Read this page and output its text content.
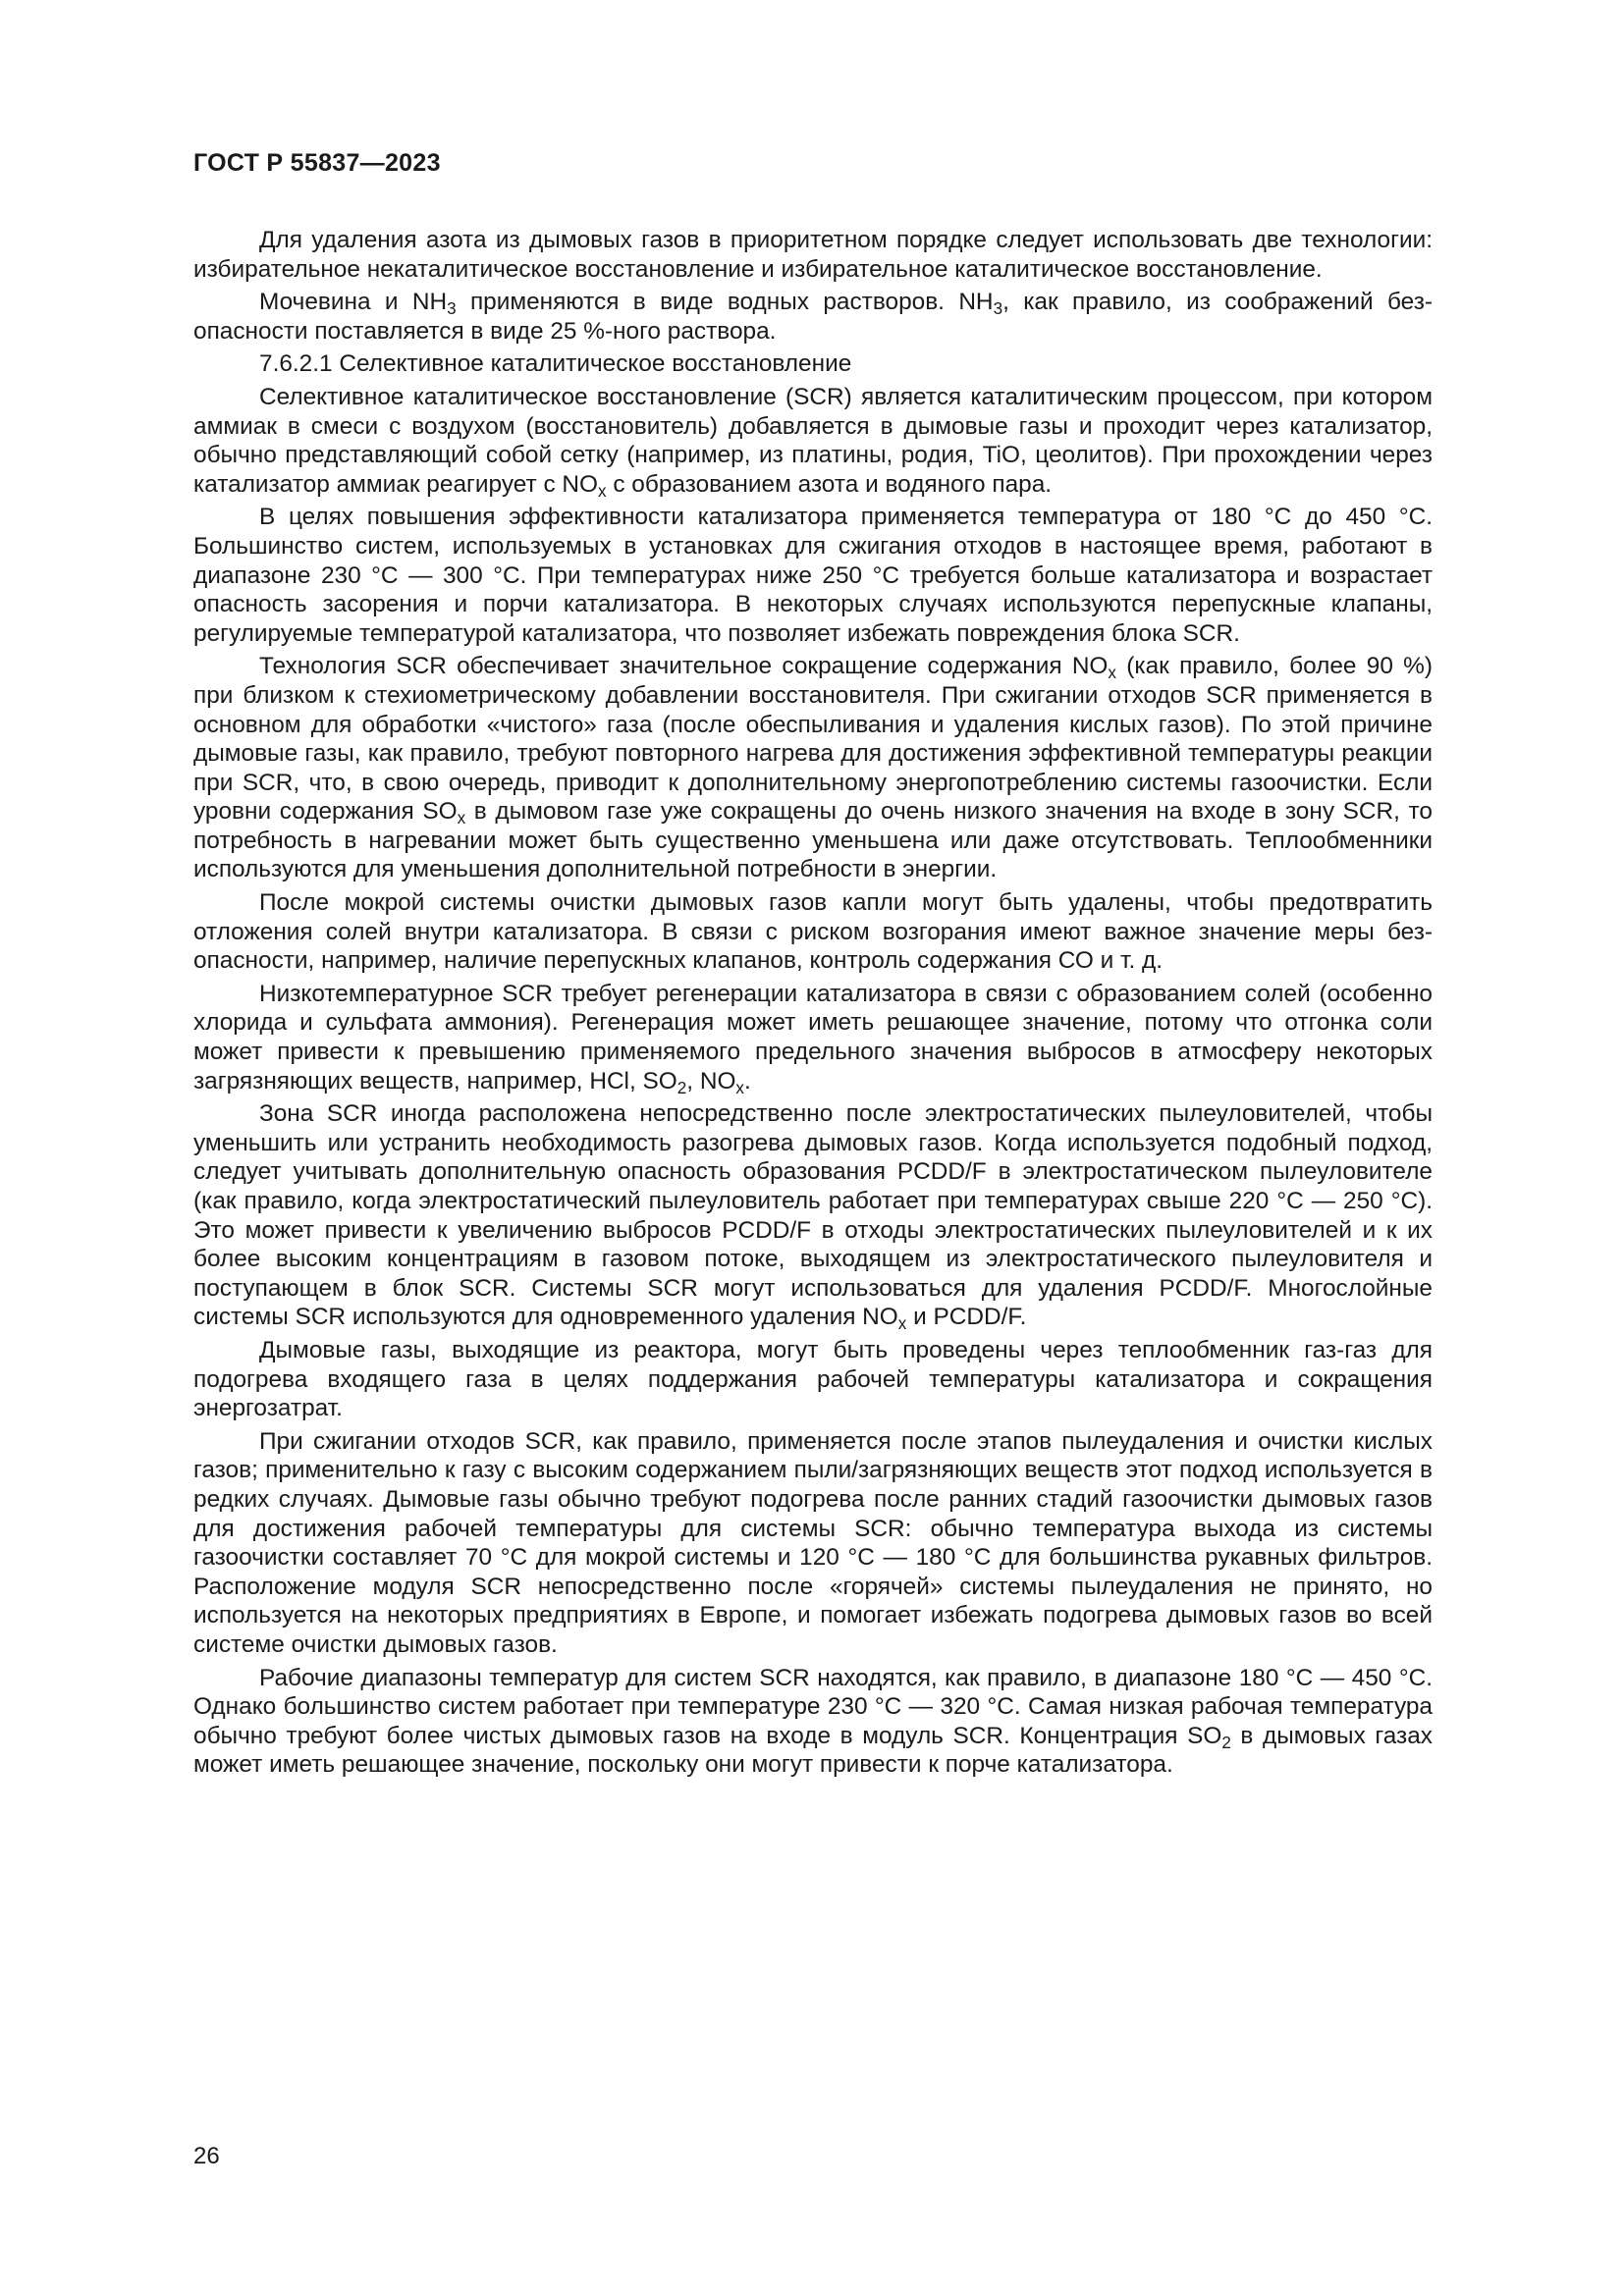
ГОСТ Р 55837—2023

Для удаления азота из дымовых газов в приоритетном порядке следует использовать две технологии: избирательное некаталитическое восстановление и избирательное каталитическое восстановление.

Мочевина и $NH_3$ применяются в виде водных растворов. $NH_3$, как правило, из соображений безопасности поставляется в виде 25 %-ного раствора.

7.6.2.1 Селективное каталитическое восстановление

Селективное каталитическое восстановление (SCR) является каталитическим процессом, при котором аммиак в смеси с воздухом (восстановитель) добавляется в дымовые газы и проходит через катализатор, обычно представляющий собой сетку (например, из платины, родия, TiO, цеолитов). При прохождении через катализатор аммиак реагирует с $NO_x$ с образованием азота и водяного пара.

В целях повышения эффективности катализатора применяется температура от 180 °С до 450 °С. Большинство систем, используемых в установках для сжигания отходов в настоящее время, работают в диапазоне 230 °С — 300 °С. При температурах ниже 250 °С требуется больше катализатора и возрастает опасность засорения и порчи катализатора. В некоторых случаях используются перепускные клапаны, регулируемые температурой катализатора, что позволяет избежать повреждения блока SCR.

Технология SCR обеспечивает значительное сокращение содержания $NO_x$ (как правило, более 90 %) при близком к стехиометрическому добавлении восстановителя. При сжигании отходов SCR применяется в основном для обработки «чистого» газа (после обеспыливания и удаления кислых газов). По этой причине дымовые газы, как правило, требуют повторного нагрева для достижения эффективной температуры реакции при SCR, что, в свою очередь, приводит к дополнительному энергопотреблению системы газоочистки. Если уровни содержания $SO_x$ в дымовом газе уже сокращены до очень низкого значения на входе в зону SCR, то потребность в нагревании может быть существенно уменьшена или даже отсутствовать. Теплообменники используются для уменьшения дополнительной потребности в энергии.

После мокрой системы очистки дымовых газов капли могут быть удалены, чтобы предотвратить отложения солей внутри катализатора. В связи с риском возгорания имеют важное значение меры безопасности, например, наличие перепускных клапанов, контроль содержания СО и т. д.

Низкотемпературное SCR требует регенерации катализатора в связи с образованием солей (особенно хлорида и сульфата аммония). Регенерация может иметь решающее значение, потому что отгонка соли может привести к превышению применяемого предельного значения выбросов в атмосферу некоторых загрязняющих веществ, например, HCl, $SO_2$, $NO_x$.

Зона SCR иногда расположена непосредственно после электростатических пылеуловителей, чтобы уменьшить или устранить необходимость разогрева дымовых газов. Когда используется подобный подход, следует учитывать дополнительную опасность образования PCDD/F в электростатическом пылеуловителе (как правило, когда электростатический пылеуловитель работает при температурах свыше 220 °С — 250 °С). Это может привести к увеличению выбросов PCDD/F в отходы электростатических пылеуловителей и к их более высоким концентрациям в газовом потоке, выходящем из электростатического пылеуловителя и поступающем в блок SCR. Системы SCR могут использоваться для удаления PCDD/F. Многослойные системы SCR используются для одновременного удаления $NO_x$ и PCDD/F.

Дымовые газы, выходящие из реактора, могут быть проведены через теплообменник газ-газ для подогрева входящего газа в целях поддержания рабочей температуры катализатора и сокращения энергозатрат.

При сжигании отходов SCR, как правило, применяется после этапов пылеудаления и очистки кислых газов; применительно к газу с высоким содержанием пыли/загрязняющих веществ этот подход используется в редких случаях. Дымовые газы обычно требуют подогрева после ранних стадий газоочистки дымовых газов для достижения рабочей температуры для системы SCR: обычно температура выхода из системы газоочистки составляет 70 °С для мокрой системы и 120 °С — 180 °С для большинства рукавных фильтров. Расположение модуля SCR непосредственно после «горячей» системы пылеудаления не принято, но используется на некоторых предприятиях в Европе, и помогает избежать подогрева дымовых газов во всей системе очистки дымовых газов.

Рабочие диапазоны температур для систем SCR находятся, как правило, в диапазоне 180 °С — 450 °С. Однако большинство систем работает при температуре 230 °С — 320 °С. Самая низкая рабочая температура обычно требуют более чистых дымовых газов на входе в модуль SCR. Концентрация $SO_2$ в дымовых газах может иметь решающее значение, поскольку они могут привести к порче катализатора.

26
